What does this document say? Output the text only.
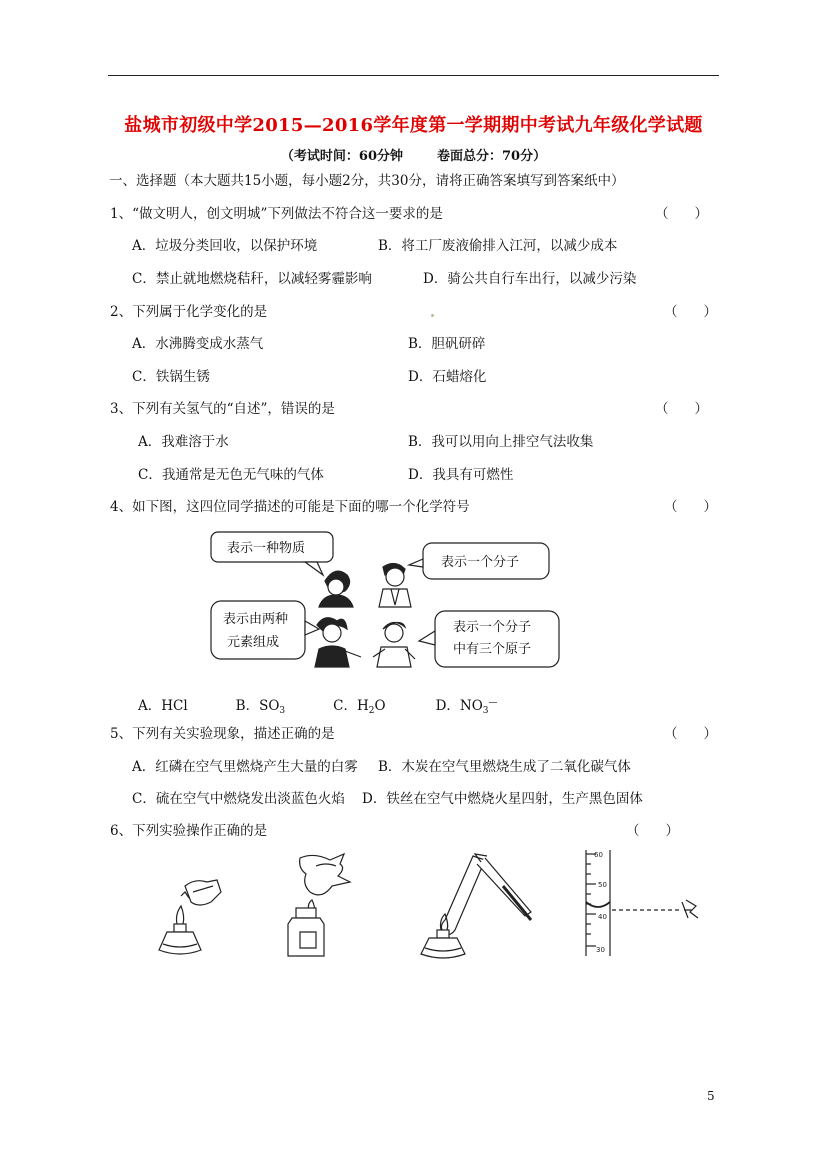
盐城市初级中学2015—2016学年度第一学期期中考试九年级化学试题
（考试时间：60分钟	卷面总分：70分）
一、选择题（本大题共15小题，每小题2分，共30分，请将正确答案填写到答案纸中）
1、“做文明人，创文明城”下列做法不符合这一要求的是	（ ）
A．垃圾分类回收，以保护环境	B．将工厂废液偷排入江河，以减少成本
C．禁止就地燃烧秸秆，以减轻雾霾影响	D．骑公共自行车出行，以减少污染
2、下列属于化学变化的是	（ ）
A．水沸腾变成水蒸气	B．胆矾研碎
C．铁锅生锈	D．石蜡熔化
3、下列有关氢气的“自述”，错误的是	（ ）
A．我难溶于水	B．我可以用向上排空气法收集
C．我通常是无色无气味的气体	D．我具有可燃性
4、如下图，这四位同学描述的可能是下面的哪一个化学符号	（ ）
表示一种物质
表示一个分子
表示由两种
元素组成
表示一个分子
中有三个原子
A．HCl	B．SO3	C．H2O	D．NO3—
5、下列有关实验现象，描述正确的是	（ ）
A．红磷在空气里燃烧产生大量的白雾 B．木炭在空气里燃烧生成了二氧化碳气体
C．硫在空气中燃烧发出淡蓝色火焰 D．铁丝在空气中燃烧火星四射，生产黑色固体
6、下列实验操作正确的是	（ ）
60
50
40
30
5
